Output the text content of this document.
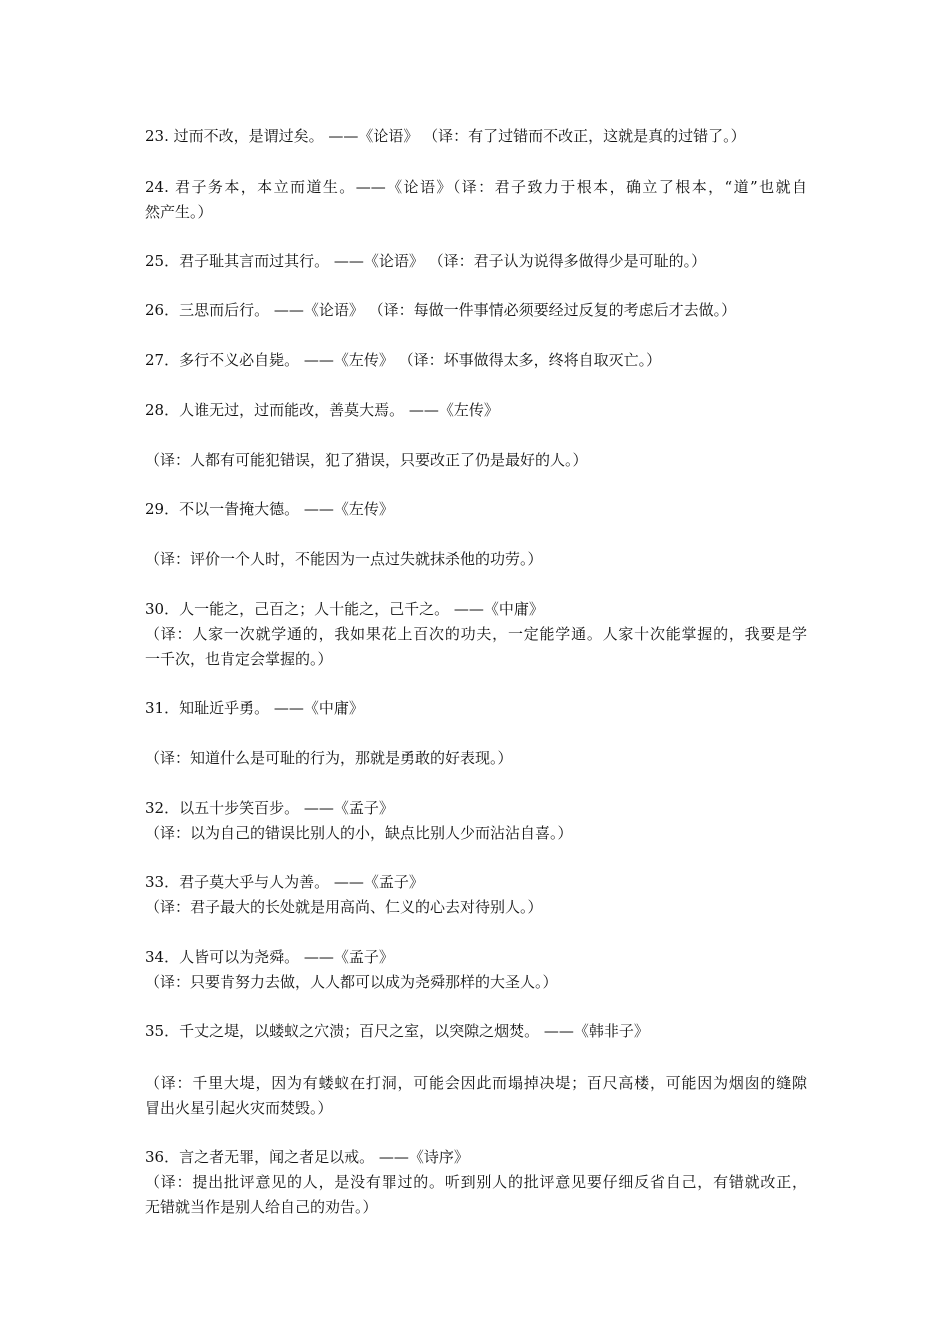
23. 过而不改，是谓过矣。 ——《论语》 （译：有了过错而不改正，这就是真的过错了。）
24. 君子务本，本立而道生。——《论语》（译：君子致力于根本，确立了根本，“道”也就自
然产生。）
25．君子耻其言而过其行。 ——《论语》 （译：君子认为说得多做得少是可耻的。）
26．三思而后行。 ——《论语》 （译：每做一件事情必须要经过反复的考虑后才去做。）
27．多行不义必自毙。 ——《左传》 （译：坏事做得太多，终将自取灭亡。）
28．人谁无过，过而能改，善莫大焉。 ——《左传》
（译：人都有可能犯错误，犯了猎误，只要改正了仍是最好的人。）
29．不以一眚掩大德。 ——《左传》
（译：评价一个人时，不能因为一点过失就抹杀他的功劳。）
30．人一能之，己百之；人十能之，己千之。 ——《中庸》
（译：人家一次就学通的，我如果花上百次的功夫，一定能学通。人家十次能掌握的，我要是学
一千次，也肯定会掌握的。）
31．知耻近乎勇。 ——《中庸》
（译：知道什么是可耻的行为，那就是勇敢的好表现。）
32．以五十步笑百步。 ——《孟子》
（译：以为自己的错误比别人的小，缺点比别人少而沾沾自喜。）
33．君子莫大乎与人为善。 ——《孟子》
（译：君子最大的长处就是用高尚、仁义的心去对待别人。）
34．人皆可以为尧舜。 ——《孟子》
（译：只要肯努力去做，人人都可以成为尧舜那样的大圣人。）
35．千丈之堤，以蝼蚁之穴溃；百尺之室，以突隙之烟焚。 ——《韩非子》
（译：千里大堤，因为有蝼蚁在打洞，可能会因此而塌掉决堤；百尺高楼，可能因为烟囱的缝隙
冒出火星引起火灾而焚毁。）
36．言之者无罪，闻之者足以戒。 ——《诗序》
（译：提出批评意见的人，是没有罪过的。听到别人的批评意见要仔细反省自己，有错就改正，
无错就当作是别人给自己的劝告。）
